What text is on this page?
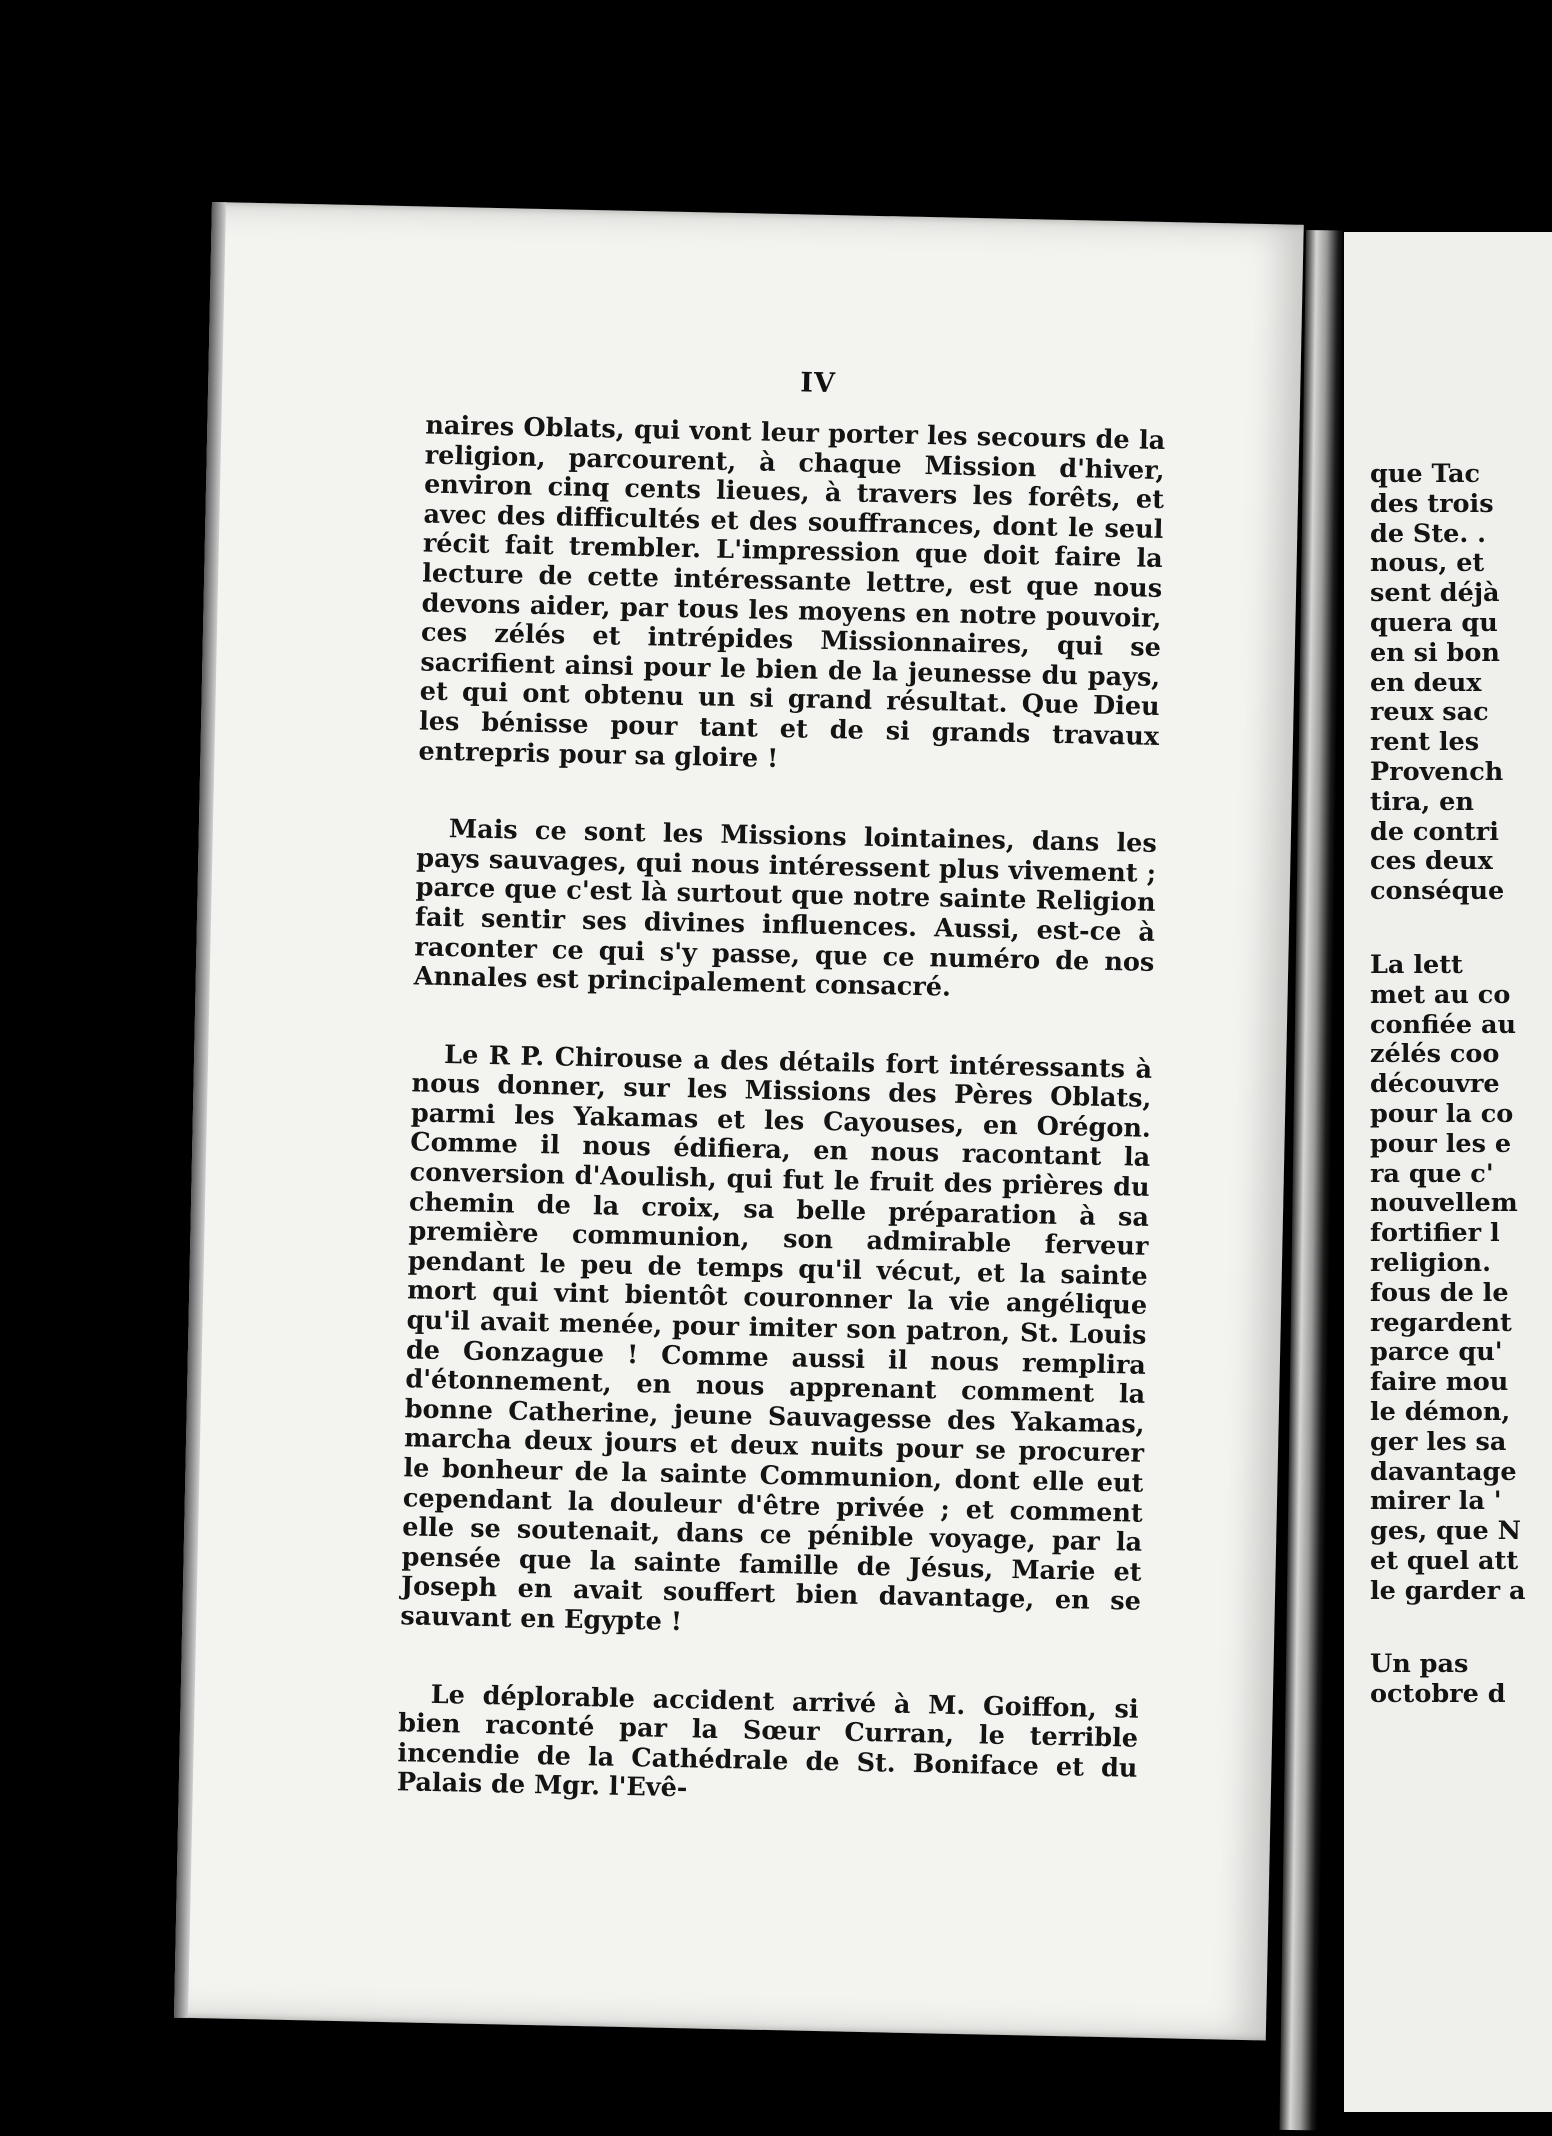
IV

naires Oblats, qui vont leur porter les secours de la religion, parcourent, à chaque Mission d'hiver, environ cinq cents lieues, à travers les forêts, et avec des difficultés et des souffrances, dont le seul récit fait trembler. L'impression que doit faire la lecture de cette intéressante lettre, est que nous devons aider, par tous les moyens en notre pouvoir, ces zélés et intrépides Missionnaires, qui se sacrifient ainsi pour le bien de la jeunesse du pays, et qui ont obtenu un si grand résultat. Que Dieu les bénisse pour tant et de si grands travaux entrepris pour sa gloire !

Mais ce sont les Missions lointaines, dans les pays sauvages, qui nous intéressent plus vivement ; parce que c'est là surtout que notre sainte Religion fait sentir ses divines influences. Aussi, est-ce à raconter ce qui s'y passe, que ce numéro de nos Annales est principalement consacré.

Le R P. Chirouse a des détails fort intéressants à nous donner, sur les Missions des Pères Oblats, parmi les Yakamas et les Cayouses, en Orégon. Comme il nous édifiera, en nous racontant la conversion d'Aoulish, qui fut le fruit des prières du chemin de la croix, sa belle préparation à sa première communion, son admirable ferveur pendant le peu de temps qu'il vécut, et la sainte mort qui vint bientôt couronner la vie angélique qu'il avait menée, pour imiter son patron, St. Louis de Gonzague ! Comme aussi il nous remplira d'étonnement, en nous apprenant comment la bonne Catherine, jeune Sauvagesse des Yakamas, marcha deux jours et deux nuits pour se procurer le bonheur de la sainte Communion, dont elle eut cependant la douleur d'être privée ; et comment elle se soutenait, dans ce pénible voyage, par la pensée que la sainte famille de Jésus, Marie et Joseph en avait souffert bien davantage, en se sauvant en Egypte !

Le déplorable accident arrivé à M. Goiffon, si bien raconté par la Sœur Curran, le terrible incendie de la Cathédrale de St. Boniface et du Palais de Mgr. l'Evê-

que Tac
des trois
de Ste. .
nous, et
sent déjà
quera qu
en si bon
en deux
reux sac
rent les
Provench
tira, en
de contri
ces deux
conséque
La lett
met au co
confiée au
zélés coo
découvre
pour la co
pour les e
ra que c'
nouvellem
fortifier l
religion.
fous de le
regardent
parce qu'
faire mou
le démon,
ger les sa
davantage
mirer la '
ges, que N
et quel att
le garder a
Un pas
octobre d
